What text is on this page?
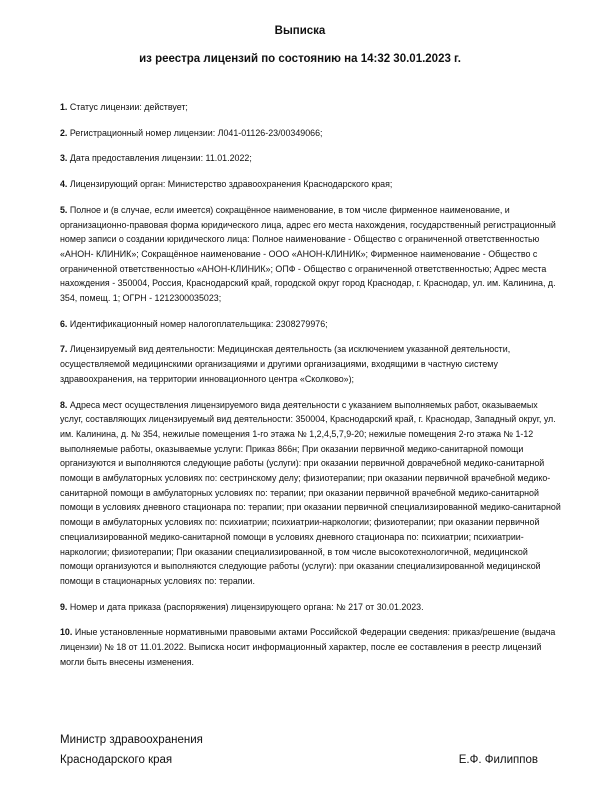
Выписка
из реестра лицензий по состоянию на 14:32 30.01.2023 г.
1. Статус лицензии: действует;
2. Регистрационный номер лицензии: Л041-01126-23/00349066;
3. Дата предоставления лицензии: 11.01.2022;
4. Лицензирующий орган: Министерство здравоохранения Краснодарского края;
5. Полное и (в случае, если имеется) сокращённое наименование, в том числе фирменное наименование, и организационно-правовая форма юридического лица, адрес его места нахождения, государственный регистрационный номер записи о создании юридического лица: Полное наименование - Общество с ограниченной ответственностью «АНОН- КЛИНИК»; Сокращённое наименование - ООО «АНОН-КЛИНИК»; Фирменное наименование - Общество с ограниченной ответственностью «АНОН-КЛИНИК»; ОПФ - Общество с ограниченной ответственностью; Адрес места нахождения - 350004, Россия, Краснодарский край, городской округ город Краснодар, г. Краснодар, ул. им. Калинина, д. 354, помещ. 1; ОГРН - 1212300035023;
6. Идентификационный номер налогоплательщика: 2308279976;
7. Лицензируемый вид деятельности: Медицинская деятельность (за исключением указанной деятельности, осуществляемой медицинскими организациями и другими организациями, входящими в частную систему здравоохранения, на территории инновационного центра «Сколково»);
8. Адреса мест осуществления лицензируемого вида деятельности с указанием выполняемых работ, оказываемых услуг, составляющих лицензируемый вид деятельности: 350004, Краснодарский край, г. Краснодар, Западный округ, ул. им. Калинина, д. № 354, нежилые помещения 1-го этажа № 1,2,4,5,7,9-20; нежилые помещения 2-го этажа № 1-12 выполняемые работы, оказываемые услуги: Приказ 866н; При оказании первичной медико-санитарной помощи организуются и выполняются следующие работы (услуги): при оказании первичной доврачебной медико-санитарной помощи в амбулаторных условиях по: сестринскому делу; физиотерапии; при оказании первичной врачебной медико-санитарной помощи в амбулаторных условиях по: терапии; при оказании первичной врачебной медико-санитарной помощи в условиях дневного стационара по: терапии; при оказании первичной специализированной медико-санитарной помощи в амбулаторных условиях по: психиатрии; психиатрии-наркологии; физиотерапии; при оказании первичной специализированной медико-санитарной помощи в условиях дневного стационара по: психиатрии; психиатрии-наркологии; физиотерапии; При оказании специализированной, в том числе высокотехнологичной, медицинской помощи организуются и выполняются следующие работы (услуги): при оказании специализированной медицинской помощи в стационарных условиях по: терапии.
9. Номер и дата приказа (распоряжения) лицензирующего органа: № 217 от 30.01.2023.
10. Иные установленные нормативными правовыми актами Российской Федерации сведения: приказ/решение (выдача лицензии) № 18 от 11.01.2022. Выписка носит информационный характер, после ее составления в реестр лицензий могли быть внесены изменения.
Министр здравоохранения
Краснодарского края	Е.Ф. Филиппов
